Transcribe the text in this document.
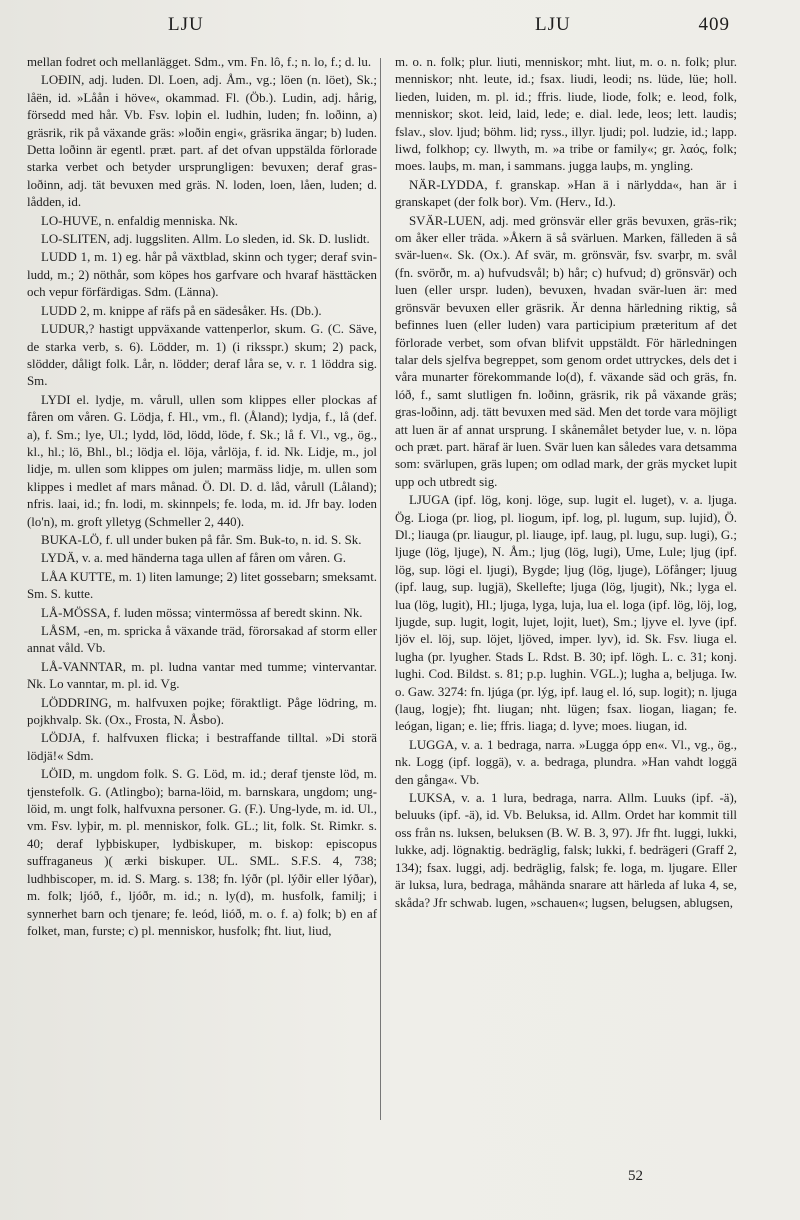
LJU	LJU	409

mellan fodret och mellanlägget. Sdm., vm. Fn. lô, f.; n. lo, f.; d. lu.

LOÐIN, adj. luden. Dl. Loen, adj. Åm., vg.; löen (n. löet), Sk.; låën, id. »Låån i höve«, okammad. Fl. (Öb.). Ludin, adj. hårig, försedd med hår. Vb. Fsv. loþin el. ludhin, luden; fn. loðinn, a) gräsrik, rik på växande gräs: »loðin engi«, gräsrika ängar; b) luden. Detta loðinn är egentl. præt. part. af det ofvan uppstälda förlorade starka verbet och betyder ursprungligen: bevuxen; deraf gras-loðinn, adj. tät bevuxen med gräs. N. loden, loen, låen, luden; d. lådden, id.

LO-HUVE, n. enfaldig menniska. Nk.

LO-SLITEN, adj. luggsliten. Allm. Lo sleden, id. Sk. D. luslidt.

LUDD 1, m. 1) eg. hår på växtblad, skinn och tyger; deraf svin-ludd, m.; 2) nöthår, som köpes hos garfvare och hvaraf hästtäcken och vepur förfärdigas. Sdm. (Länna).

LUDD 2, m. knippe af räfs på en sädesåker. Hs. (Db.).

LUDUR,? hastigt uppväxande vattenperlor, skum. G. (C. Säve, de starka verb, s. 6). Lödder, m. 1) (i riksspr.) skum; 2) pack, slödder, dåligt folk. Lår, n. lödder; deraf låra se, v. r. 1 löddra sig. Sm.

LYDI el. lydje, m. vårull, ullen som klippes eller plockas af fåren om våren. G. Lödja, f. Hl., vm., fl. (Åland); lydja, f., lå (def. a), f. Sm.; lye, Ul.; lydd, löd, lödd, löde, f. Sk.; lå f. Vl., vg., ög., kl., hl.; lö, Bhl., bl.; lödja el. löja, vårlöja, f. id. Nk. Lidje, m., jol lidje, m. ullen som klippes om julen; marmäss lidje, m. ullen som klippes i medlet af mars månad. Ö. Dl. D. d. låd, vårull (Låland); nfris. laai, id.; fn. lodi, m. skinnpels; fe. loda, m. id. Jfr bay. loden (lo'n), m. groft ylletyg (Schmeller 2, 440).

BUKA-LÖ, f. ull under buken på får. Sm. Buk-to, n. id. S. Sk.

LYDÄ, v. a. med händerna taga ullen af fåren om våren. G.

LÅA KUTTE, m. 1) liten lamunge; 2) litet gossebarn; smeksamt. Sm. S. kutte.

LÅ-MÖSSA, f. luden mössa; vintermössa af beredt skinn. Nk.

LÅSM, -en, m. spricka å växande träd, förorsakad af storm eller annat våld. Vb.

LÅ-VANNTAR, m. pl. ludna vantar med tumme; vintervantar. Nk. Lo vanntar, m. pl. id. Vg.

LÖDDRING, m. halfvuxen pojke; föraktligt. Påge lödring, m. pojkhvalp. Sk. (Ox., Frosta, N. Åsbo).

LÖDJA, f. halfvuxen flicka; i bestraffande tilltal. »Di storä lödjä!« Sdm.

LÖID, m. ungdom folk. S. G. Löd, m. id.; deraf tjenste löd, m. tjenstefolk. G. (Atlingbo); barna-löid, m. barnskara, ungdom; ung-löid, m. ungt folk, halfvuxna personer. G. (F.). Ung-lyde, m. id. Ul., vm. Fsv. lyþir, m. pl. menniskor, folk. GL.; lit, folk. St. Rimkr. s. 40; deraf lyþbiskuper, lydbiskuper, m. biskop: episcopus suffraganeus )( ærki biskuper. UL. SML. S.F.S. 4, 738; ludhbiscoper, m. id. S. Marg. s. 138; fn. lýðr (pl. lýðir eller lýðar), m. folk; ljóð, f., ljóðr, m. id.; n. ly(d), m. husfolk, familj; i synnerhet barn och tjenare; fe. leód, lióð, m. o. f. a) folk; b) en af folket, man, furste; c) pl. menniskor, husfolk; fht. liut, liud,

m. o. n. folk; plur. liuti, menniskor; mht. liut, m. o. n. folk; plur. menniskor; nht. leute, id.; fsax. liudi, leodi; ns. lüde, lüe; holl. lieden, luiden, m. pl. id.; ffris. liude, liode, folk; e. leod, folk, menniskor; skot. leid, laid, lede; e. dial. lede, leos; lett. laudis; fslav., slov. ljud; böhm. lid; ryss., illyr. ljudi; pol. ludzie, id.; lapp. liwd, folkhop; cy. llwyth, m. »a tribe or family«; gr. λαός, folk; moes. lauþs, m. man, i sammans. jugga lauþs, m. yngling.

NÄR-LYDDA, f. granskap. »Han ä i närlydda«, han är i granskapet (der folk bor). Vm. (Herv., Id.).

SVÄR-LUEN, adj. med grönsvär eller gräs bevuxen, gräs-rik; om åker eller träda. »Åkern ä så svärluen. Marken, fälleden ä så svär-luen«. Sk. (Ox.). Af svär, m. grönsvär, fsv. svarþr, m. svål (fn. svörðr, m. a) hufvudsvål; b) hår; c) hufvud; d) grönsvär) och luen (eller urspr. luden), bevuxen, hvadan svär-luen är: med grönsvär bevuxen eller gräsrik. Är denna härledning riktig, så befinnes luen (eller luden) vara participium præteritum af det förlorade verbet, som ofvan blifvit uppstäldt. För härledningen talar dels sjelfva begreppet, som genom ordet uttryckes, dels det i våra munarter förekommande lo(d), f. växande säd och gräs, fn. lóð, f., samt slutligen fn. loðinn, gräsrik, rik på växande gräs; gras-loðinn, adj. tätt bevuxen med säd. Men det torde vara möjligt att luen är af annat ursprung. I skånemålet betyder lue, v. n. löpa och præt. part. häraf är luen. Svär luen kan således vara detsamma som: svärlupen, gräs lupen; om odlad mark, der gräs mycket lupit upp och utbredt sig.

LJUGA (ipf. lög, konj. löge, sup. lugit el. luget), v. a. ljuga. Ög. Lioga (pr. liog, pl. liogum, ipf. log, pl. lugum, sup. lujid), Ö. Dl.; liauga (pr. liaugur, pl. liauge, ipf. laug, pl. lugu, sup. lugi), G.; ljuge (lög, ljuge), N. Åm.; ljug (lög, lugi), Ume, Lule; ljug (ipf. lög, sup. lögi el. ljugi), Bygde; ljug (lög, ljuge), Löfånger; ljuug (ipf. laug, sup. lugjä), Skellefte; ljuga (lög, ljugit), Nk.; lyga el. lua (lög, lugit), Hl.; ljuga, lyga, luja, lua el. loga (ipf. lög, löj, log, ljugde, sup. lugit, logit, lujet, lojit, luet), Sm.; ljyve el. lyve (ipf. ljöv el. löj, sup. löjet, ljöved, imper. lyv), id. Sk. Fsv. liuga el. lugha (pr. lyugher. Stads L. Rdst. B. 30; ipf. lögh. L. c. 31; konj. lughi. Cod. Bildst. s. 81; p.p. lughin. VGL.); lugha a, beljuga. Iw. o. Gaw. 3274: fn. ljúga (pr. lýg, ipf. laug el. ló, sup. logit); n. ljuga (laug, logje); fht. liugan; nht. lügen; fsax. liogan, liagan; fe. leógan, ligan; e. lie; ffris. liaga; d. lyve; moes. liugan, id.

LUGGA, v. a. 1 bedraga, narra. »Lugga ópp en«. Vl., vg., ög., nk. Logg (ipf. loggä), v. a. bedraga, plundra. »Han vahdt loggä den gånga«. Vb.

LUKSA, v. a. 1 lura, bedraga, narra. Allm. Luuks (ipf. -ä), beluuks (ipf. -ä), id. Vb. Beluksa, id. Allm. Ordet har kommit till oss från ns. luksen, beluksen (B. W. B. 3, 97). Jfr fht. luggi, lukki, lukke, adj. lögnaktig. bedräglig, falsk; lukki, f. bedrägeri (Graff 2, 134); fsax. luggi, adj. bedräglig, falsk; fe. loga, m. ljugare. Eller är luksa, lura, bedraga, måhända snarare att härleda af luka 4, se, skåda? Jfr schwab. lugen, »schauen«; lugsen, belugsen, ablugsen,

52
